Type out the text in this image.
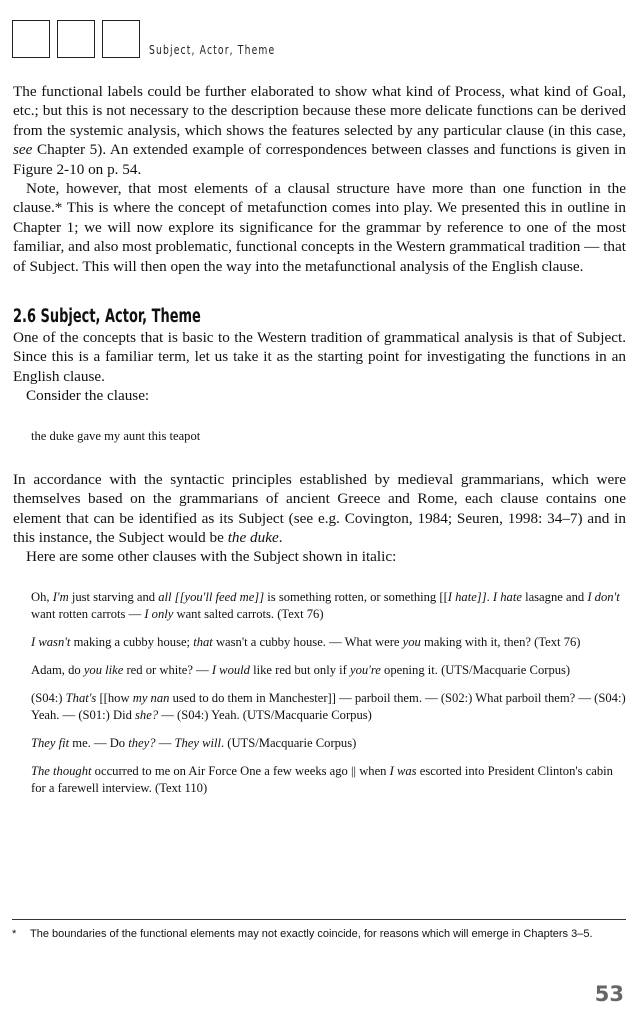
Subject, Actor, Theme

The functional labels could be further elaborated to show what kind of Process, what kind of Goal, etc.; but this is not necessary to the description because these more delicate functions can be derived from the systemic analysis, which shows the features selected by any particular clause (in this case, see Chapter 5). An extended example of correspondences between classes and functions is given in Figure 2-10 on p. 54.

Note, however, that most elements of a clausal structure have more than one function in the clause.* This is where the concept of metafunction comes into play. We presented this in outline in Chapter 1; we will now explore its significance for the grammar by reference to one of the most familiar, and also most problematic, functional concepts in the Western grammatical tradition — that of Subject. This will then open the way into the metafunctional analysis of the English clause.

2.6 Subject, Actor, Theme

One of the concepts that is basic to the Western tradition of grammatical analysis is that of Subject. Since this is a familiar term, let us take it as the starting point for investigating the functions in an English clause.

Consider the clause:

the duke gave my aunt this teapot

In accordance with the syntactic principles established by medieval grammarians, which were themselves based on the grammarians of ancient Greece and Rome, each clause contains one element that can be identified as its Subject (see e.g. Covington, 1984; Seuren, 1998: 34–7) and in this instance, the Subject would be the duke.

Here are some other clauses with the Subject shown in italic:

Oh, I'm just starving and all [[you'll feed me]] is something rotten, or something [[I hate]]. I hate lasagne and I don't want rotten carrots — I only want salted carrots. (Text 76)

I wasn't making a cubby house; that wasn't a cubby house. — What were you making with it, then? (Text 76)

Adam, do you like red or white? — I would like red but only if you're opening it. (UTS/Macquarie Corpus)

(S04:) That's [[how my nan used to do them in Manchester]] — parboil them. — (S02:) What parboil them? — (S04:) Yeah. — (S01:) Did she? — (S04:) Yeah. (UTS/Macquarie Corpus)

They fit me. — Do they? — They will. (UTS/Macquarie Corpus)

The thought occurred to me on Air Force One a few weeks ago || when I was escorted into President Clinton's cabin for a farewell interview. (Text 110)

*	The boundaries of the functional elements may not exactly coincide, for reasons which will emerge in Chapters 3–5.
53
